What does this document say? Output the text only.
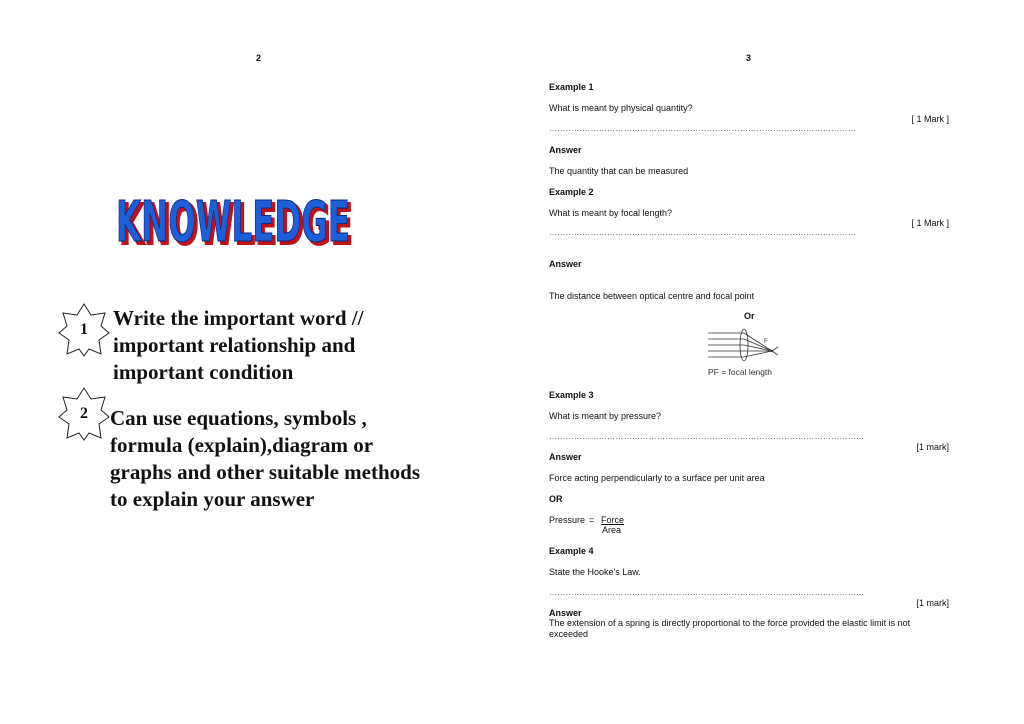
2
KNOWLEDGE
KNOWLEDGE
1	Write the important word //
important relationship and
important condition
2	Can use equations, symbols ,
formula (explain),diagram or
graphs and other suitable methods
to explain your answer
3
Example 1
What is meant by physical quantity?
[ 1 Mark ]
…………………………………………………………………………………………………
Answer
The quantity that can be measured
Example 2
What is meant by focal length?
[ 1 Mark ]
…………………………………………………………………………………………………
Answer
The distance between optical centre and focal point
Or
F
PF = focal length
Example 3
What is meant by pressure?
……………………………………………………………………………………………………
[1 mark]
Answer
Force acting perpendicularly to a surface per unit area
OR
Pressure = Force
Area
Example 4
State the Hooke's Law.
……………………………………………………………………………………………………
[1 mark]
Answer
The extension of a spring is directly proportional to the force provided the elastic limit is not
exceeded
